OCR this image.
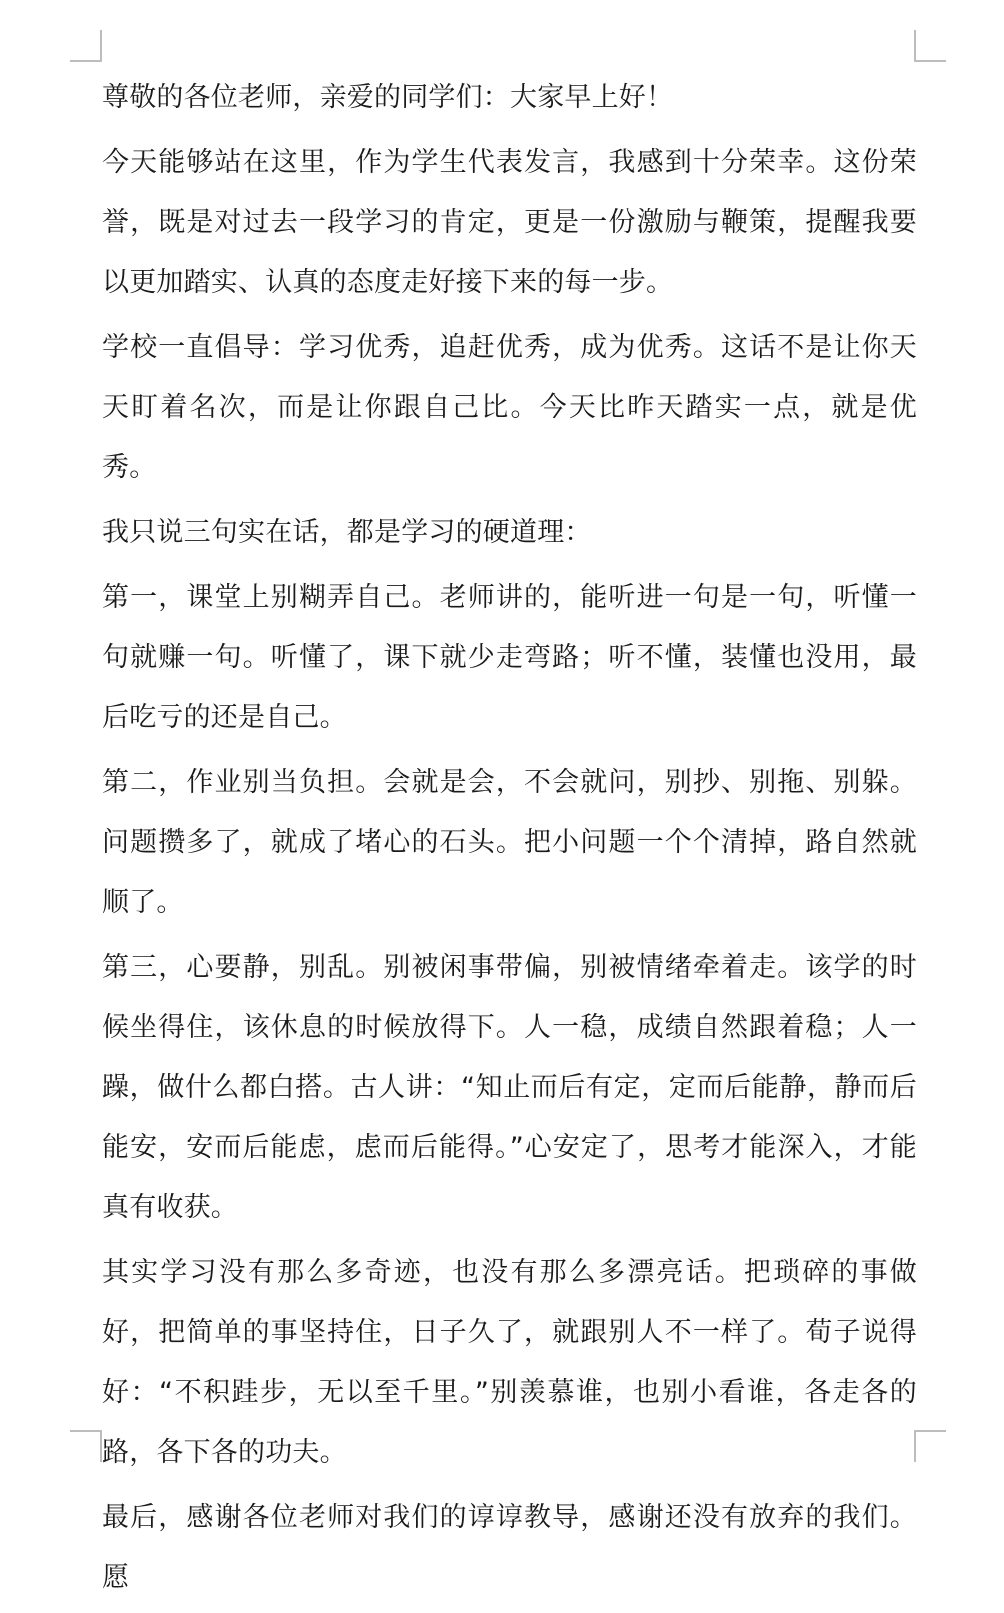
尊敬的各位老师，亲爱的同学们：大家早上好！

今天能够站在这里，作为学生代表发言，我感到十分荣幸。这份荣誉，既是对过去一段学习的肯定，更是一份激励与鞭策，提醒我要以更加踏实、认真的态度走好接下来的每一步。

学校一直倡导：学习优秀，追赶优秀，成为优秀。这话不是让你天天盯着名次，而是让你跟自己比。今天比昨天踏实一点，就是优秀。

我只说三句实在话，都是学习的硬道理：

第一，课堂上别糊弄自己。老师讲的，能听进一句是一句，听懂一句就赚一句。听懂了，课下就少走弯路；听不懂，装懂也没用，最后吃亏的还是自己。

第二，作业别当负担。会就是会，不会就问，别抄、别拖、别躲。问题攒多了，就成了堵心的石头。把小问题一个个清掉，路自然就顺了。

第三，心要静，别乱。别被闲事带偏，别被情绪牵着走。该学的时候坐得住，该休息的时候放得下。人一稳，成绩自然跟着稳；人一躁，做什么都白搭。古人讲：“知止而后有定，定而后能静，静而后能安，安而后能虑，虑而后能得。”心安定了，思考才能深入，才能真有收获。

其实学习没有那么多奇迹，也没有那么多漂亮话。把琐碎的事做好，把简单的事坚持住，日子久了，就跟别人不一样了。荀子说得好：“不积跬步，无以至千里。”别羡慕谁，也别小看谁，各走各的路，各下各的功夫。

最后，感谢各位老师对我们的谆谆教导，感谢还没有放弃的我们。愿
